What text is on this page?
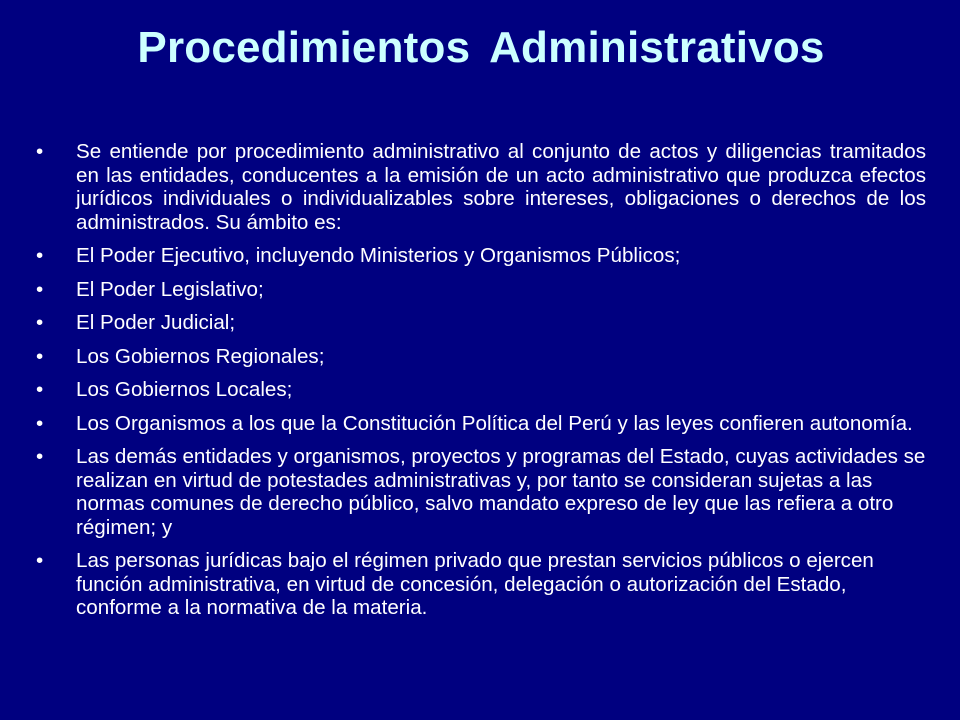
Procedimientos Administrativos
•	Se entiende por procedimiento administrativo al conjunto de actos y diligencias tramitados en las entidades, conducentes a la emisión de un acto administrativo que produzca efectos jurídicos individuales o individualizables sobre intereses, obligaciones o derechos de los administrados. Su ámbito es:
•	El Poder Ejecutivo, incluyendo Ministerios y Organismos Públicos;
•	El Poder Legislativo;
•	El Poder Judicial;
•	Los Gobiernos Regionales;
•	Los Gobiernos Locales;
•	Los Organismos a los que la Constitución Política del Perú y las leyes confieren autonomía.
•	Las demás entidades y organismos, proyectos y programas del Estado, cuyas actividades se realizan en virtud de potestades administrativas y, por tanto se consideran sujetas a las normas comunes de derecho público, salvo mandato expreso de ley que las refiera a otro régimen; y
•	Las personas jurídicas bajo el régimen privado que prestan servicios públicos o ejercen función administrativa, en virtud de concesión, delegación o autorización del Estado, conforme a la normativa de la materia.
